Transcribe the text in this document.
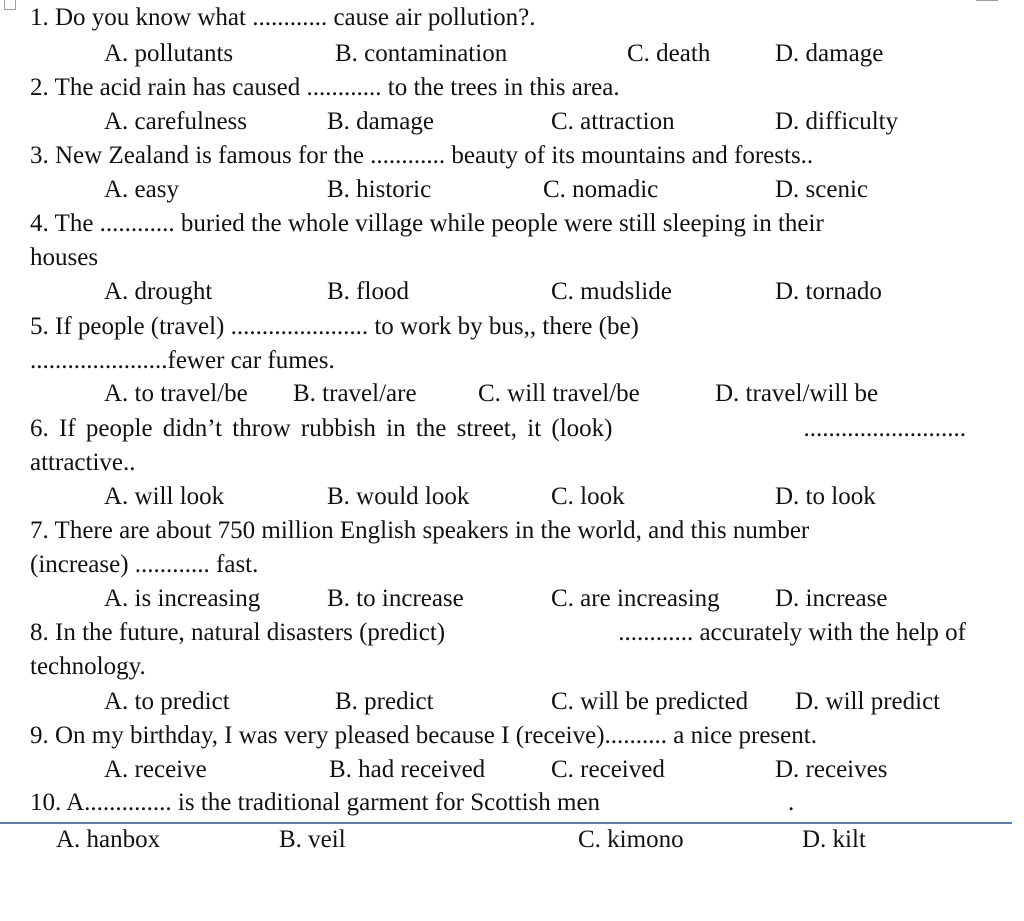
1. Do you know what ............ cause air pollution?.
A. pollutants	B. contamination	C. death	D. damage
2. The acid rain has caused ............ to the trees in this area.
A. carefulness	B. damage	C. attraction	D. difficulty
3. New Zealand is famous for the ............ beauty of its mountains and forests..
A. easy	B. historic	C. nomadic	D. scenic
4. The ............ buried the whole village while people were still sleeping in their
houses
A. drought	B. flood	C. mudslide	D. tornado
5. If people (travel) ...................... to work by bus,, there (be)
......................fewer car fumes.
A. to travel/be B. travel/are C. will travel/be	D. travel/will be
6. If people didn’t throw rubbish in the street, it (look)	..........................
attractive..
A. will look	B. would look	C. look	D. to look
7. There are about 750 million English speakers in the world, and this number
(increase) ............ fast.
A. is increasing	B. to increase	C. are increasing D. increase
8. In the future, natural disasters (predict)	............ accurately with the help of
technology.
A. to predict	B. predict	C. will be predicted D. will predict
9. On my birthday, I was very pleased because I (receive).......... a nice present.
A. receive	B. had received	C. received	D. receives
10. A.............. is the traditional garment for Scottish men	.
A. hanbox	B. veil	C. kimono	D. kilt
